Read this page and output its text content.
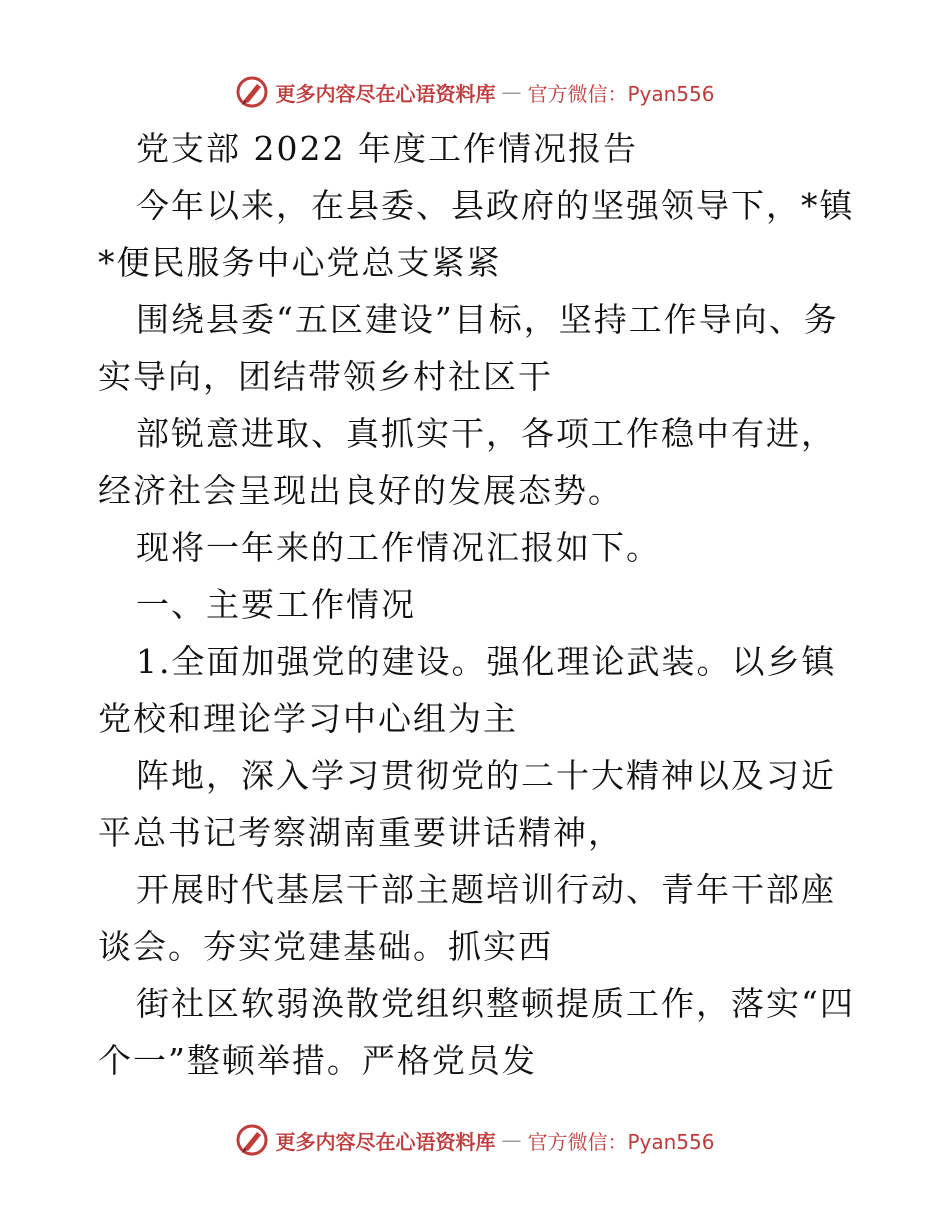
更多内容尽在心语资料库 — 官方微信：Pyan556

党支部 2022 年度工作情况报告

今年以来，在县委、县政府的坚强领导下，*镇*便民服务中心党总支紧紧

围绕县委“五区建设”目标，坚持工作导向、务实导向，团结带领乡村社区干

部锐意进取、真抓实干，各项工作稳中有进，经济社会呈现出良好的发展态势。

现将一年来的工作情况汇报如下。

一、主要工作情况

1.全面加强党的建设。强化理论武装。以乡镇党校和理论学习中心组为主

阵地，深入学习贯彻党的二十大精神以及习近平总书记考察湖南重要讲话精神，

开展时代基层干部主题培训行动、青年干部座谈会。夯实党建基础。抓实西

街社区软弱涣散党组织整顿提质工作，落实“四个一”整顿举措。严格党员发

更多内容尽在心语资料库 — 官方微信：Pyan556
